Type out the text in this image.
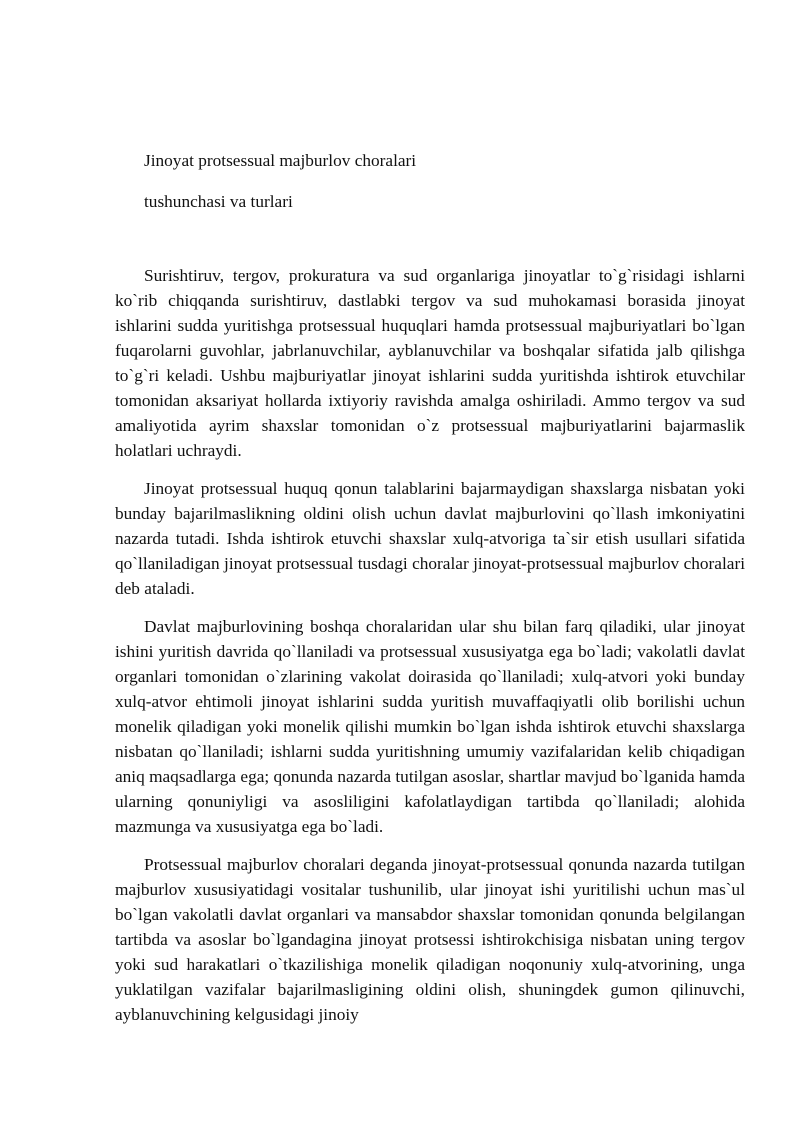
Jinoyat protsessual majburlov choralari

tushunchasi va turlari

Surishtiruv, tergov, prokuratura va sud organlariga jinoyatlar to`g`risidagi ishlarni ko`rib chiqqanda surishtiruv, dastlabki tergov va sud muhokamasi borasida jinoyat ishlarini sudda yuritishga protsessual huquqlari hamda protsessual majburiyatlari bo`lgan fuqarolarni guvohlar, jabrlanuvchilar, ayblanuvchilar va boshqalar sifatida jalb qilishga to`g`ri keladi. Ushbu majburiyatlar jinoyat ishlarini sudda yuritishda ishtirok etuvchilar tomonidan aksariyat hollarda ixtiyoriy ravishda amalga oshiriladi. Ammo tergov va sud amaliyotida ayrim shaxslar tomonidan o`z protsessual majburiyatlarini bajarmaslik holatlari uchraydi.

Jinoyat protsessual huquq qonun talablarini bajarmaydigan shaxslarga nisbatan yoki bunday bajarilmaslikning oldini olish uchun davlat majburlovini qo`llash imkoniyatini nazarda tutadi. Ishda ishtirok etuvchi shaxslar xulq-atvoriga ta`sir etish usullari sifatida qo`llaniladigan jinoyat protsessual tusdagi choralar jinoyat-protsessual majburlov choralari deb ataladi.

Davlat majburlovining boshqa choralaridan ular shu bilan farq qiladiki, ular jinoyat ishini yuritish davrida qo`llaniladi va protsessual xususiyatga ega bo`ladi; vakolatli davlat organlari tomonidan o`zlarining vakolat doirasida qo`llaniladi; xulq-atvori yoki bunday xulq-atvor ehtimoli jinoyat ishlarini sudda yuritish muvaffaqiyatli olib borilishi uchun monelik qiladigan yoki monelik qilishi mumkin bo`lgan ishda ishtirok etuvchi shaxslarga nisbatan qo`llaniladi; ishlarni sudda yuritishning umumiy vazifalaridan kelib chiqadigan aniq maqsadlarga ega; qonunda nazarda tutilgan asoslar, shartlar mavjud bo`lganida hamda ularning qonuniyligi va asosliligini kafolatlaydigan tartibda qo`llaniladi; alohida mazmunga va xususiyatga ega bo`ladi.

Protsessual majburlov choralari deganda jinoyat-protsessual qonunda nazarda tutilgan majburlov xususiyatidagi vositalar tushunilib, ular jinoyat ishi yuritilishi uchun mas`ul bo`lgan vakolatli davlat organlari va mansabdor shaxslar tomonidan qonunda belgilangan tartibda va asoslar bo`lgandagina jinoyat protsessi ishtirokchisiga nisbatan uning tergov yoki sud harakatlari o`tkazilishiga monelik qiladigan noqonuniy xulq-atvorining, unga yuklatilgan vazifalar bajarilmasligining oldini olish, shuningdek gumon qilinuvchi, ayblanuvchining kelgusidagi jinoiy
